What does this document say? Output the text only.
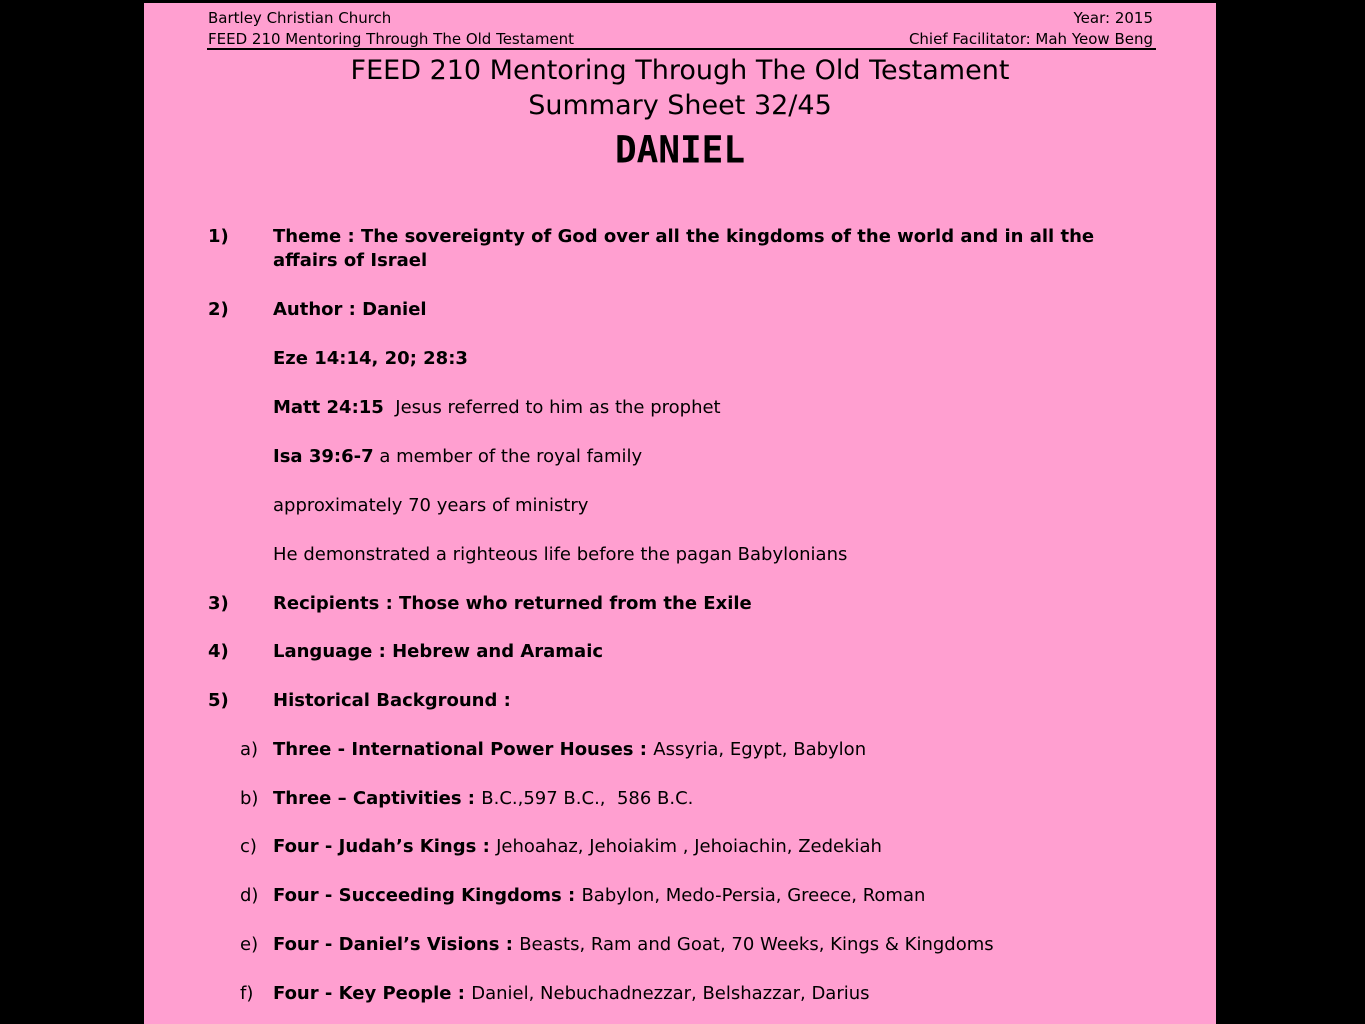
Bartley Christian Church
FEED 210 Mentoring Through The Old Testament
Year: 2015
Chief Facilitator: Mah Yeow Beng
FEED 210 Mentoring Through The Old Testament
Summary Sheet 32/45
DANIEL
1) Theme : The sovereignty of God over all the kingdoms of the world and in all the affairs of Israel
2) Author : Daniel
Eze 14:14, 20; 28:3
Matt 24:15  Jesus referred to him as the prophet
Isa 39:6-7 a member of the royal family
approximately 70 years of ministry
He demonstrated a righteous life before the pagan Babylonians
3) Recipients : Those who returned from the Exile
4) Language : Hebrew and Aramaic
5) Historical Background :
a) Three - International Power Houses : Assyria, Egypt, Babylon
b) Three – Captivities : B.C.,597 B.C.,  586 B.C.
c) Four - Judah’s Kings : Jehoahaz, Jehoiakim , Jehoiachin, Zedekiah
d) Four - Succeeding Kingdoms : Babylon, Medo-Persia, Greece, Roman
e) Four - Daniel’s Visions : Beasts, Ram and Goat, 70 Weeks, Kings & Kingdoms
f) Four - Key People : Daniel, Nebuchadnezzar, Belshazzar, Darius
